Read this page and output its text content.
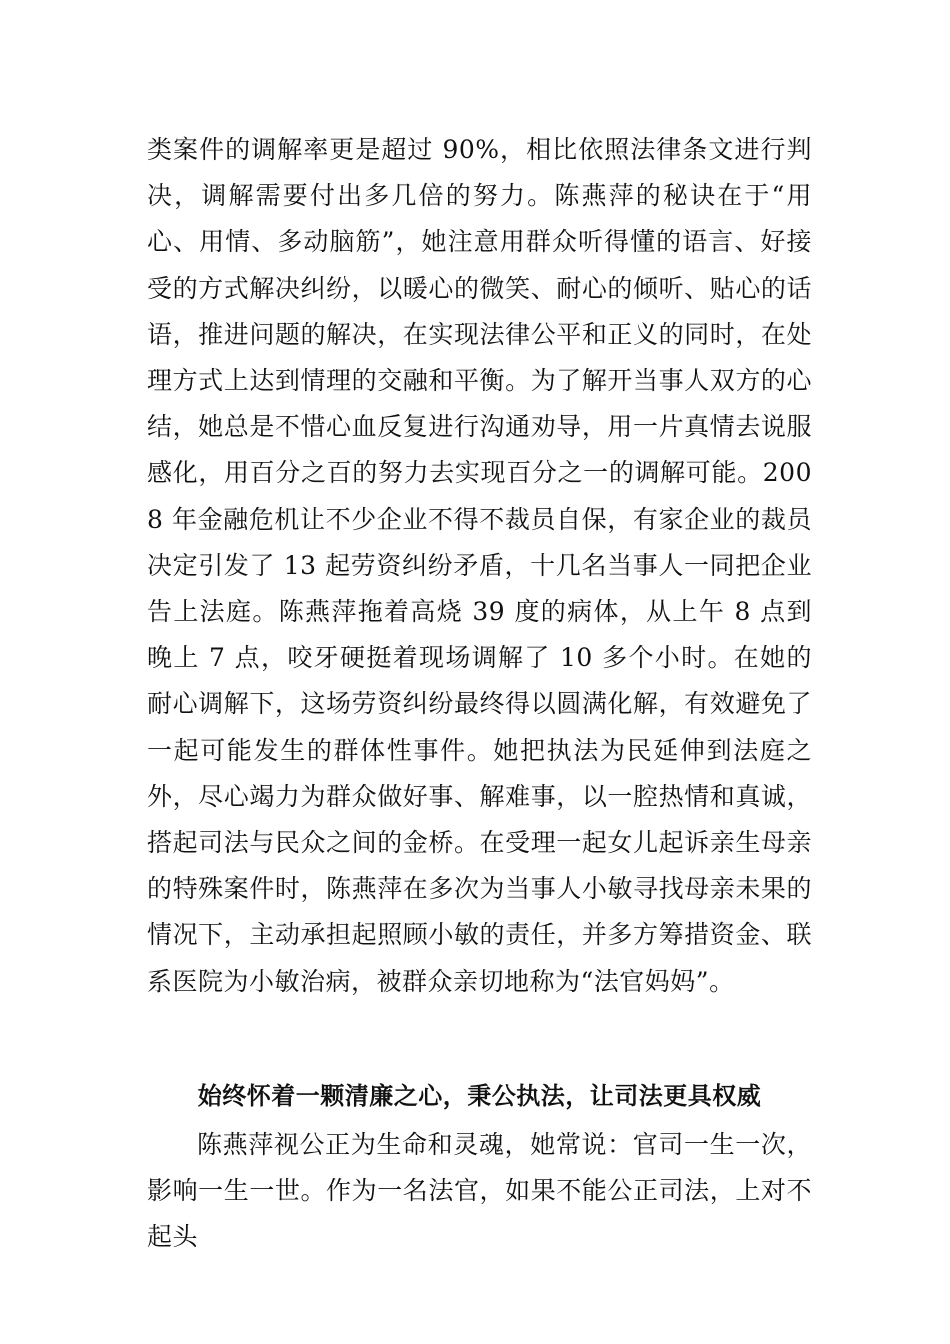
类案件的调解率更是超过 90%，相比依照法律条文进行判决，调解需要付出多几倍的努力。陈燕萍的秘诀在于“用心、用情、多动脑筋”，她注意用群众听得懂的语言、好接受的方式解决纠纷，以暖心的微笑、耐心的倾听、贴心的话语，推进问题的解决，在实现法律公平和正义的同时，在处理方式上达到情理的交融和平衡。为了解开当事人双方的心结，她总是不惜心血反复进行沟通劝导，用一片真情去说服感化，用百分之百的努力去实现百分之一的调解可能。2008 年金融危机让不少企业不得不裁员自保，有家企业的裁员决定引发了 13 起劳资纠纷矛盾，十几名当事人一同把企业告上法庭。陈燕萍拖着高烧 39 度的病体，从上午 8 点到晚上 7 点，咬牙硬挺着现场调解了 10 多个小时。在她的耐心调解下，这场劳资纠纷最终得以圆满化解，有效避免了一起可能发生的群体性事件。她把执法为民延伸到法庭之外，尽心竭力为群众做好事、解难事，以一腔热情和真诚，搭起司法与民众之间的金桥。在受理一起女儿起诉亲生母亲的特殊案件时，陈燕萍在多次为当事人小敏寻找母亲未果的情况下，主动承担起照顾小敏的责任，并多方筹措资金、联系医院为小敏治病，被群众亲切地称为“法官妈妈”。

始终怀着一颗清廉之心，秉公执法，让司法更具权威

陈燕萍视公正为生命和灵魂，她常说：官司一生一次，影响一生一世。作为一名法官，如果不能公正司法，上对不起头
